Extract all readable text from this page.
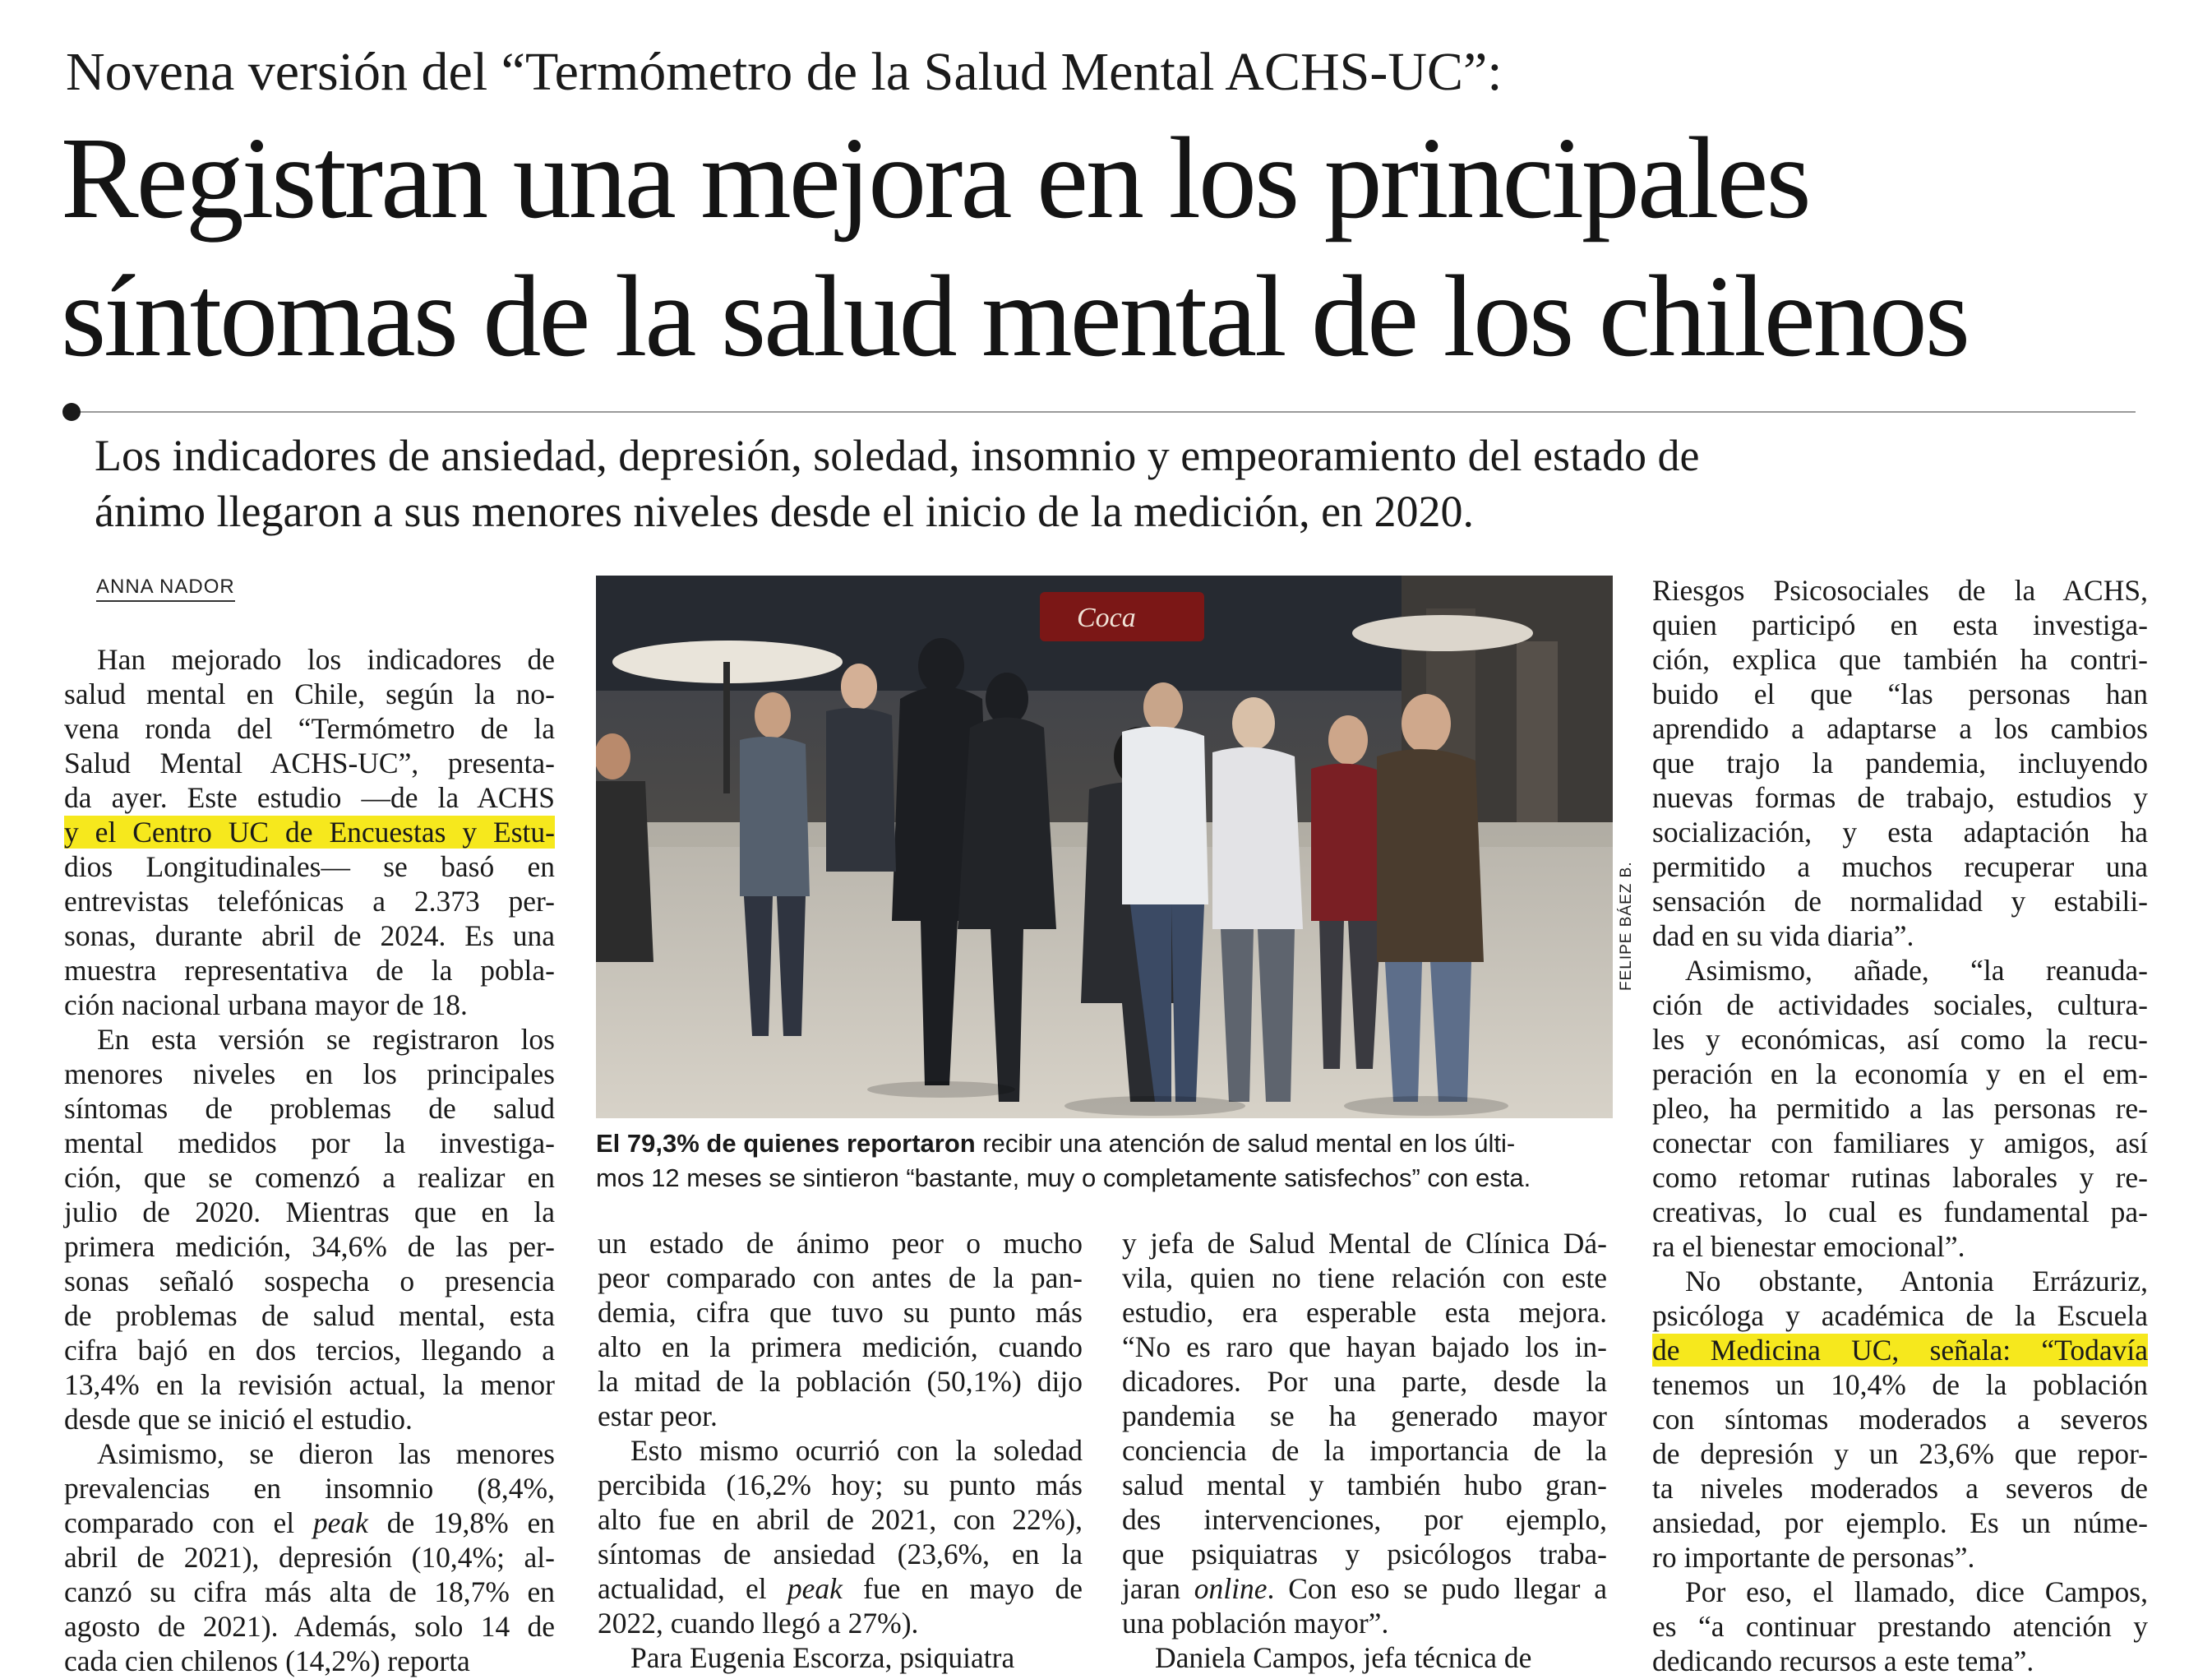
Novena versión del “Termómetro de la Salud Mental ACHS-UC”:
Registran una mejora en los principales
síntomas de la salud mental de los chilenos
Los indicadores de ansiedad, depresión, soledad, insomnio y empeoramiento del estado de
ánimo llegaron a sus menores niveles desde el inicio de la medición, en 2020.
ANNA NADOR
Han mejorado los indicadores de
salud mental en Chile, según la no-
vena ronda del “Termómetro de la
Salud Mental ACHS-UC”, presenta-
da ayer. Este estudio —de la ACHS
y el Centro UC de Encuestas y Estu-
dios Longitudinales— se basó en
entrevistas telefónicas a 2.373 per-
sonas, durante abril de 2024. Es una
muestra representativa de la pobla-
ción nacional urbana mayor de 18.
En esta versión se registraron los
menores niveles en los principales
síntomas de problemas de salud
mental medidos por la investiga-
ción, que se comenzó a realizar en
julio de 2020. Mientras que en la
primera medición, 34,6% de las per-
sonas señaló sospecha o presencia
de problemas de salud mental, esta
cifra bajó en dos tercios, llegando a
13,4% en la revisión actual, la menor
desde que se inició el estudio.
Asimismo, se dieron las menores
prevalencias en insomnio (8,4%,
comparado con el peak de 19,8% en
abril de 2021), depresión (10,4%; al-
canzó su cifra más alta de 18,7% en
agosto de 2021). Además, solo 14 de
cada cien chilenos (14,2%) reporta
un estado de ánimo peor o mucho
peor comparado con antes de la pan-
demia, cifra que tuvo su punto más
alto en la primera medición, cuando
la mitad de la población (50,1%) dijo
estar peor.
Esto mismo ocurrió con la soledad
percibida (16,2% hoy; su punto más
alto fue en abril de 2021, con 22%),
síntomas de ansiedad (23,6%, en la
actualidad, el peak fue en mayo de
2022, cuando llegó a 27%).
Para Eugenia Escorza, psiquiatra
y jefa de Salud Mental de Clínica Dá-
vila, quien no tiene relación con este
estudio, era esperable esta mejora.
“No es raro que hayan bajado los in-
dicadores. Por una parte, desde la
pandemia se ha generado mayor
conciencia de la importancia de la
salud mental y también hubo gran-
des intervenciones, por ejemplo,
que psiquiatras y psicólogos traba-
jaran online. Con eso se pudo llegar a
una población mayor”.
Daniela Campos, jefa técnica de
Riesgos Psicosociales de la ACHS,
quien participó en esta investiga-
ción, explica que también ha contri-
buido el que “las personas han
aprendido a adaptarse a los cambios
que trajo la pandemia, incluyendo
nuevas formas de trabajo, estudios y
socialización, y esta adaptación ha
permitido a muchos recuperar una
sensación de normalidad y estabili-
dad en su vida diaria”.
Asimismo, añade, “la reanuda-
ción de actividades sociales, cultura-
les y económicas, así como la recu-
peración en la economía y en el em-
pleo, ha permitido a las personas re-
conectar con familiares y amigos, así
como retomar rutinas laborales y re-
creativas, lo cual es fundamental pa-
ra el bienestar emocional”.
No obstante, Antonia Errázuriz,
psicóloga y académica de la Escuela
de Medicina UC, señala: “Todavía
tenemos un 10,4% de la población
con síntomas moderados a severos
de depresión y un 23,6% que repor-
ta niveles moderados a severos de
ansiedad, por ejemplo. Es un núme-
ro importante de personas”.
Por eso, el llamado, dice Campos,
es “a continuar prestando atención y
dedicando recursos a este tema”.
Coca
FELIPE BÁEZ B.
El 79,3% de quienes reportaron recibir una atención de salud mental en los últi-
mos 12 meses se sintieron “bastante, muy o completamente satisfechos” con esta.
